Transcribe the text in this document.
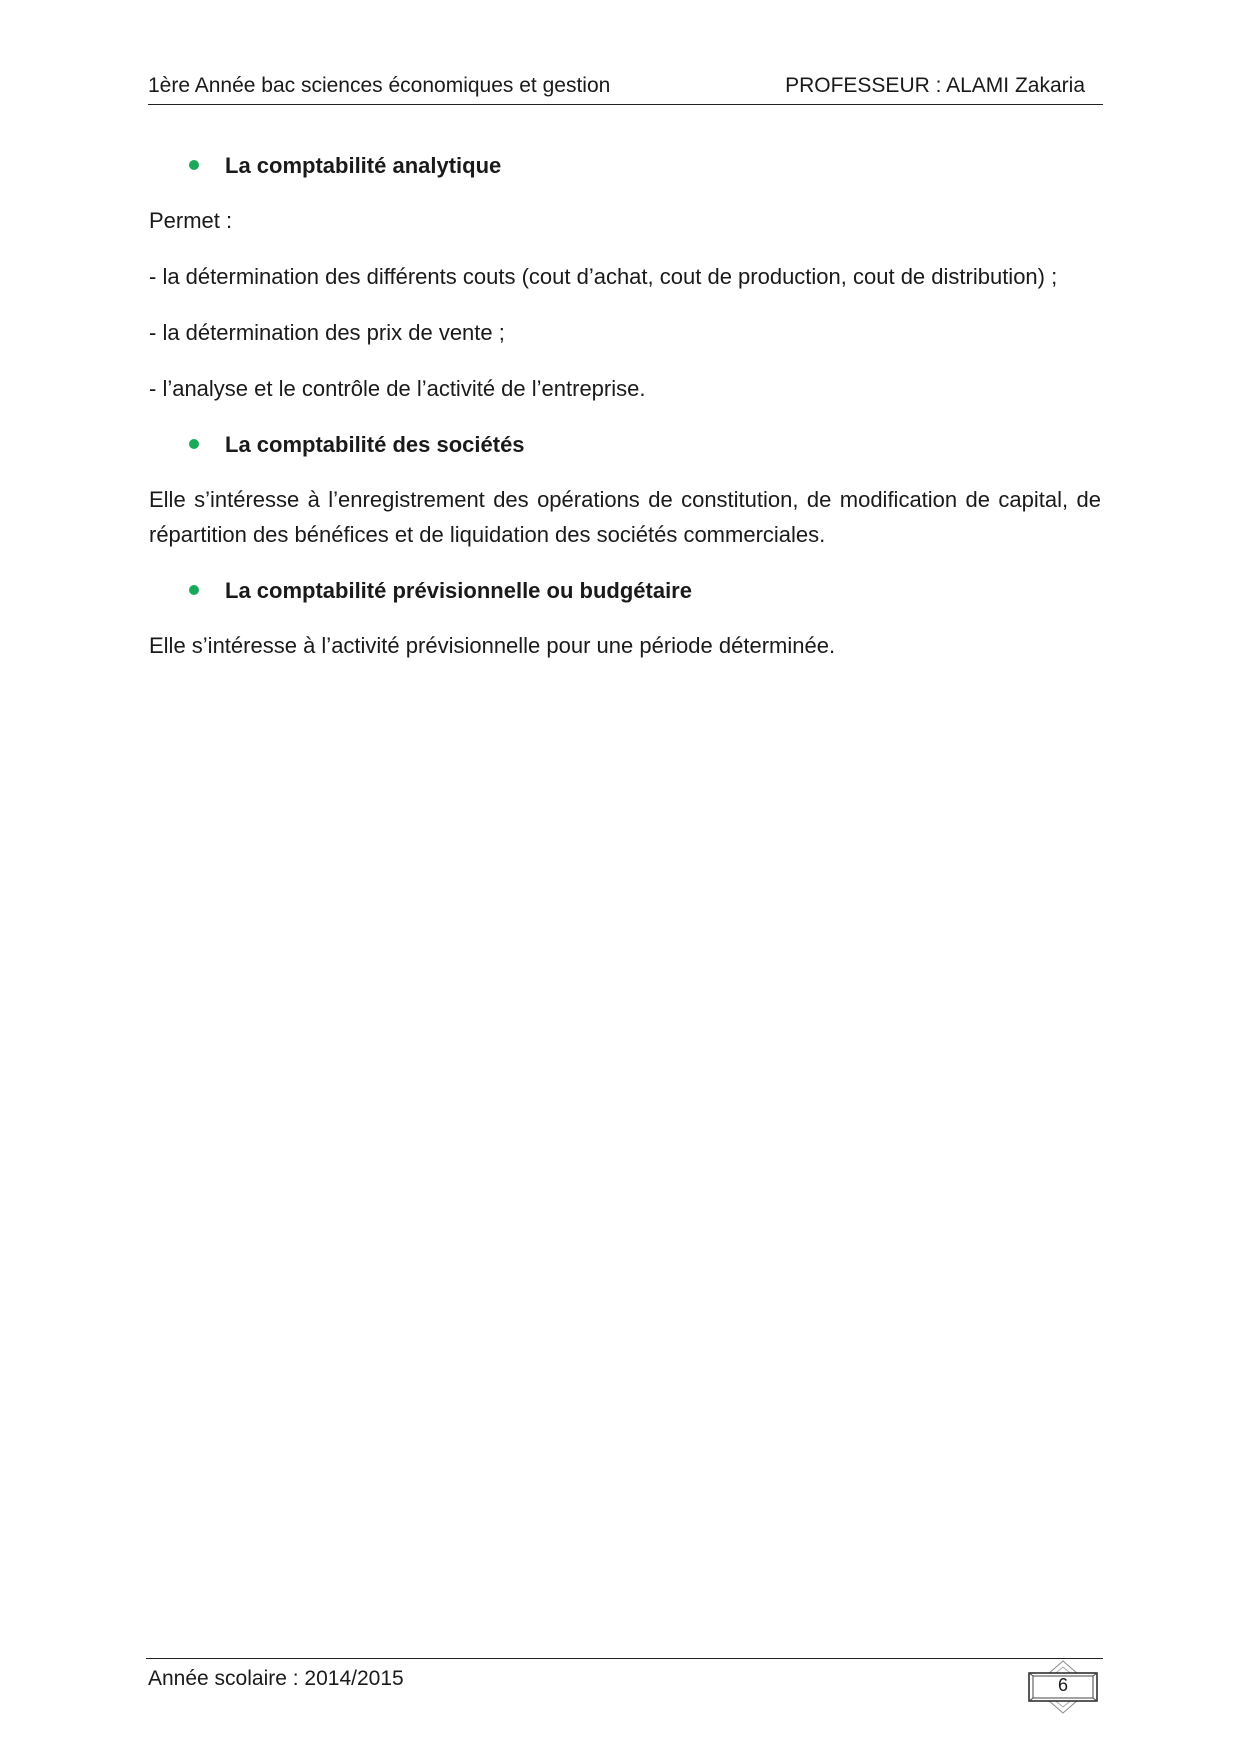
1ère Année bac sciences économiques et gestion	PROFESSEUR : ALAMI Zakaria
La comptabilité analytique

Permet :

- la détermination des différents couts (cout d’achat, cout de production, cout de distribution) ;

- la détermination des prix de vente ;

- l’analyse et le contrôle de l’activité de l’entreprise.

La comptabilité des sociétés

Elle s’intéresse à l’enregistrement des opérations de constitution, de modification de capital, de répartition des bénéfices et de liquidation des sociétés commerciales.

La comptabilité prévisionnelle ou budgétaire

Elle s’intéresse à l’activité prévisionnelle pour une période déterminée.

Année scolaire : 2014/2015	6
